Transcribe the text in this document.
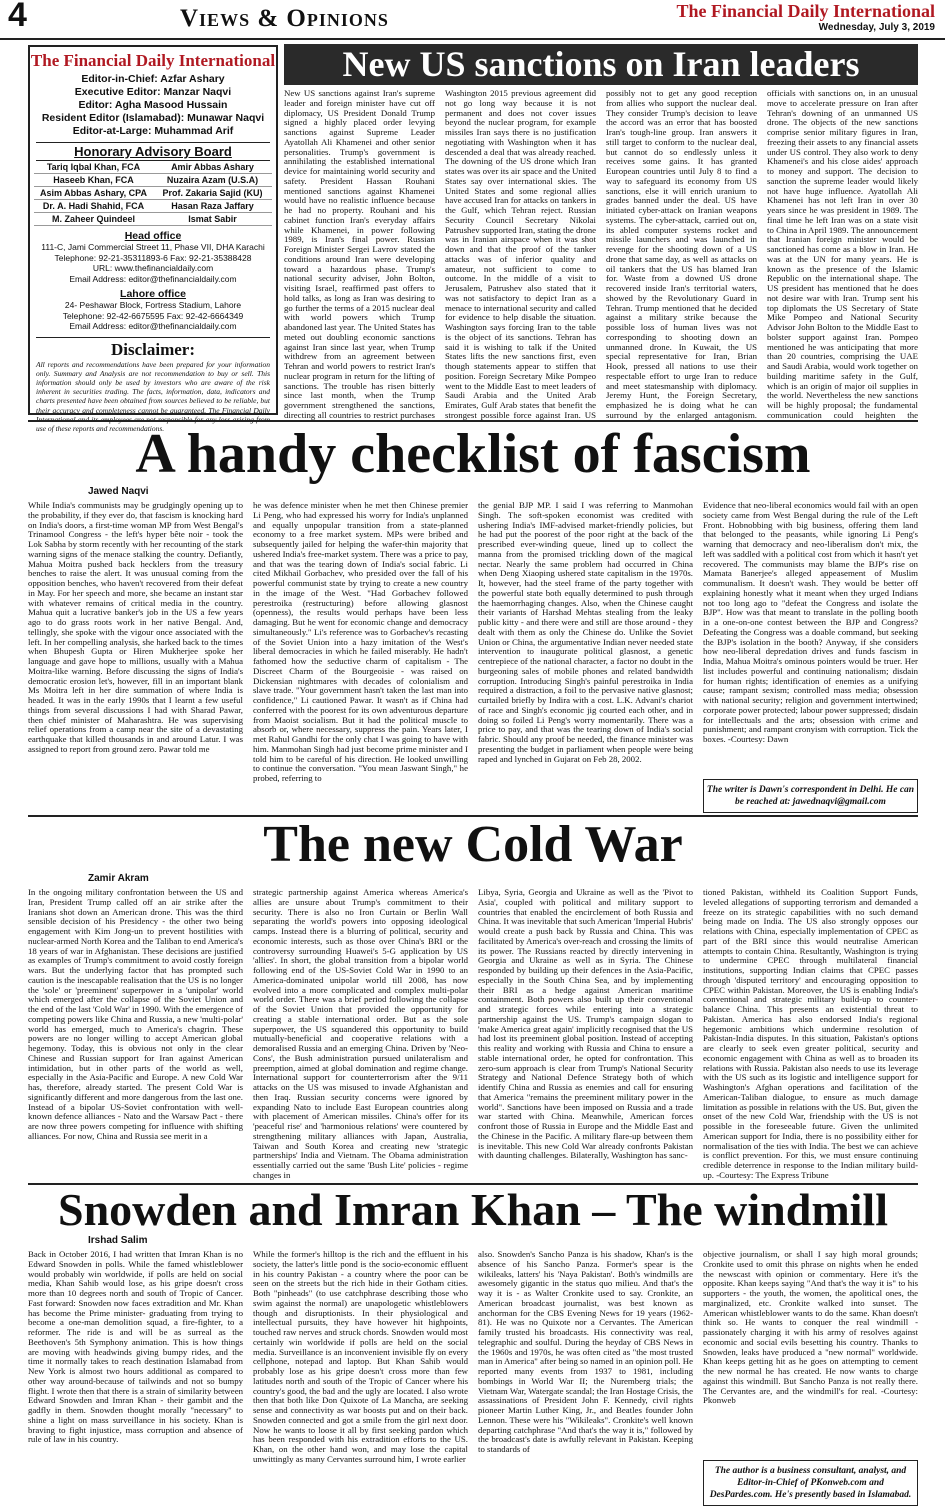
4	Views & Opinions	The Financial Daily International
Wednesday, July 3, 2019
The Financial Daily International
Editor-in-Chief: Azfar Ashary
Executive Editor: Manzar Naqvi
Editor: Agha Masood Hussain
Resident Editor (Islamabad): Munawar Naqvi
Editor-at-Large: Muhammad Arif
Honorary Advisory Board
Tariq Iqbal Khan, FCA	Amir Abbas Ashary
Haseeb Khan, FCA	Nuzaira Azam (U.S.A)
Asim Abbas Ashary, CPA	Prof. Zakaria Sajid (KU)
Dr. A. Hadi Shahid, FCA	Hasan Raza Jaffary
M. Zaheer Quindeel	Ismat Sabir
Head office
111-C, Jami Commercial Street 11, Phase VII, DHA Karachi
Telephone: 92-21-35311893-6 Fax: 92-21-35388428
URL: www.thefinancialdaily.com
Email Address: editor@thefinancialdaily.com
Lahore office
24- Peshawar Block, Fortress Stadium, Lahore
Telephone: 92-42-6675595 Fax: 92-42-6664349
Email Address: editor@thefinancialdaily.com
Disclaimer:
All reports and recommendations have been prepared for your information only. Summary and Analysis are not recommendation to buy or sell. This information should only be used by investors who are aware of the risk inherent in securities trading. The facts, information, data, indicators and charts presented have been obtained from sources believed to be reliable, but their accuracy and completeness cannot be guaranteed. The Financial Daily International and its employees are not responsible for any loss arising from use of these reports and recommendations.
New US sanctions on Iran leaders
New US sanctions against Iran's supreme leader and foreign minister have cut off diplomacy, US President Donald Trump signed a highly placed order levying sanctions against Supreme Leader Ayatollah Ali Khamenei and other senior personalities. Trump's government is annihilating the established international device for maintaining world security and safety. President Hassan Rouhani mentioned sanctions against Khamenei would have no realistic influence because he had no property. Rouhani and his cabinet function Iran's everyday affairs while Khamenei, in power following 1989, is Iran's final power. Russian Foreign Minister Sergei Lavrov stated the conditions around Iran were developing toward a hazardous phase. Trump's national security adviser, John Bolton, visiting Israel, reaffirmed past offers to hold talks, as long as Iran was desiring to go further the terms of a 2015 nuclear deal with world powers which Trump abandoned last year. The United States has meted out doubling economic sanctions against Iran since last year, when Trump withdrew from an agreement between Tehran and world powers to restrict Iran's nuclear program in return for the lifting of sanctions. The trouble has risen bitterly since last month, when the Trump government strengthened the sanctions, directing all countries to restrict purchases
Washington 2015 previous agreement did not go long way because it is not permanent and does not cover issues beyond the nuclear program, for example missiles Iran says there is no justification negotiating with Washington when it has descended a deal that was already reached. The downing of the US drone which Iran states was over its air space and the United States say over international skies. The United States and some regional allies have accused Iran for attacks on tankers in the Gulf, which Tehran reject. Russian Security Council Secretary Nikolai Patrushev supported Iran, stating the drone was in Iranian airspace when it was shot down and that the proof of the tanker attacks was of inferior quality and amateur, not sufficient to come to outcome. In the middle of a visit to Jerusalem, Patrushev also stated that it was not satisfactory to depict Iran as a menace to international security and called for evidence to help disable the situation. Washington says forcing Iran to the table is the object of its sanctions. Tehran has said it is wishing to talk if the United States lifts the new sanctions first, even though statements appear to stiffen that position. Foreign Secretary Mike Pompeo went to the Middle East to meet leaders of Saudi Arabia and the United Arab Emirates, Gulf Arab states that benefit the strongest possible force against Iran. US
possibly not to get any good reception from allies who support the nuclear deal. They consider Trump's decision to leave the accord was an error that has boosted Iran's tough-line group. Iran answers it still target to conform to the nuclear deal, but cannot do so endlessly unless it receives some gains. It has granted European countries until July 8 to find a way to safeguard its economy from US sanctions, else it will enrich uranium to grades banned under the deal. US have initiated cyber-attack on Iranian weapons systems. The cyber-attack, carried out on, its abled computer systems rocket and missile launchers and was launched in revenge for the shooting down of a US drone that same day, as well as attacks on oil tankers that the US has blamed Iran for. Waste from a downed US drone recovered inside Iran's territorial waters, showed by the Revolutionary Guard in Tehran. Trump mentioned that he decided against a military strike because the possible loss of human lives was not corresponding to shooting down an unmanned drone. In Kuwait, the US special representative for Iran, Brian Hook, pressed all nations to use their respectable effort to urge Iran to reduce and meet statesmanship with diplomacy. Jeremy Hunt, the Foreign Secretary, emphasized he is doing what he can surround by the enlarged antagonism.
officials with sanctions on, in an unusual move to accelerate pressure on Iran after Tehran's downing of an unmanned US drone. The objects of the new sanctions comprise senior military figures in Iran, freezing their assets to any financial assets under US control. They also work to deny Khamenei's and his close aides' approach to money and support. The decision to sanction the supreme leader would likely not have huge influence. Ayatollah Ali Khamenei has not left Iran in over 30 years since he was president in 1989. The final time he left Iran was on a state visit to China in April 1989. The announcement that Iranian foreign minister would be sanctioned has come as a blow in Iran. He was at the UN for many years. He is known as the presence of the Islamic Republic on the international shape. The US president has mentioned that he does not desire war with Iran. Trump sent his top diplomats the US Secretary of State Mike Pompeo and National Security Advisor John Bolton to the Middle East to bolster support against Iran. Pompeo mentioned he was anticipating that more than 20 countries, comprising the UAE and Saudi Arabia, would work together on building maritime safety in the Gulf, which is an origin of major oil supplies in the world. Nevertheless the new sanctions will be highly proposal; the fundamental communication could heighten the
A handy checklist of fascism
Jawed Naqvi
While India's communists may be grudgingly opening up to the probability, if they ever do, that fascism is knocking hard on India's doors, a first-time woman MP from West Bengal's Trinamool Congress - the left's hyper bête noir - took the Lok Sabha by storm recently with her recounting of the stark warning signs of the menace stalking the country. Defiantly, Mahua Moitra pushed back hecklers from the treasury benches to raise the alert. It was unusual coming from the opposition benches, who haven't recovered from their defeat in May. For her speech and more, she became an instant star with whatever remains of critical media in the country. Mahua quit a lucrative banker's job in the US a few years ago to do grass roots work in her native Bengal. And, tellingly, she spoke with the vigour once associated with the left. In her compelling analysis, she harked back to the times when Bhupesh Gupta or Hiren Mukherjee spoke her language and gave hope to millions, usually with a Mahua Moitra-like warning. Before discussing the signs of India's democratic erosion let's, however, fill in an important blank Ms Moitra left in her dire summation of where India is headed. It was in the early 1990s that I learnt a few useful things from several discussions I had with Sharad Pawar, then chief minister of Maharashtra. He was supervising relief operations from a camp near the site of a devastating earthquake that killed thousands in and around Latur. I was assigned to report from ground zero. Pawar told me
he was defence minister when he met then Chinese premier Li Peng, who had expressed his worry for India's unplanned and equally unpopular transition from a state-planned economy to a free market system. MPs were bribed and subsequently jailed for helping the wafer-thin majority that ushered India's free-market system. There was a price to pay, and that was the tearing down of India's social fabric. Li cited Mikhail Gorbachev, who presided over the fall of his powerful communist state by trying to create a new country in the image of the West. "Had Gorbachev followed perestroika (restructuring) before allowing glasnost (openness), the results would perhaps have been less damaging. But he went for economic change and democracy simultaneously." Li's reference was to Gorbachev's recasting of the Soviet Union into a hazy imitation of the West's liberal democracies in which he failed miserably. He hadn't fathomed how the seductive charm of capitalism - The Discreet Charm of the Bourgeoisie - was raised on Dickensian nightmares with decades of colonialism and slave trade. "Your government hasn't taken the last man into confidence," Li cautioned Pawar. It wasn't as if China had conferred with the poorest for its own adventurous departure from Maoist socialism. But it had the political muscle to absorb or, where necessary, suppress the pain. Years later, I met Rahul Gandhi for the only chat I was going to have with him. Manmohan Singh had just become prime minister and I told him to be careful of his direction. He looked unwilling to continue the conversation. "You mean Jaswant Singh," he probed, referring to
the genial BJP MP. I said I was referring to Manmohan Singh. The soft-spoken economist was credited with ushering India's IMF-advised market-friendly policies, but he had put the poorest of the poor right at the back of the prescribed ever-winding queue, lined up to collect the manna from the promised trickling down of the magical nectar. Nearly the same problem had occurred in China when Deng Xiaoping ushered state capitalism in the 1970s. It, however, had the steel frame of the party together with the powerful state both equally determined to push through the haemorrhaging changes. Also, when the Chinese caught their variants of Harshad Mehtas stealing from the leaky public kitty - and there were and still are those around - they dealt with them as only the Chinese do. Unlike the Soviet Union or China, the argumentative Indian never needed state intervention to inaugurate political glasnost, a genetic centrepiece of the national character, a factor no doubt in the burgeoning sales of mobile phones and related bandwidth corruption. Introducing Singh's painful perestroika in India required a distraction, a foil to the pervasive native glasnost; curtailed briefly by Indira with a cost. L.K. Advani's chariot of race and Singh's economic jig courted each other, and in doing so foiled Li Peng's worry momentarily. There was a price to pay, and that was the tearing down of India's social fabric. Should any proof be needed, the finance minister was presenting the budget in parliament when people were being raped and lynched in Gujarat on Feb 28, 2002.
Evidence that neo-liberal economics would fail with an open society came from West Bengal during the rule of the Left Front. Hobnobbing with big business, offering them land that belonged to the peasants, while ignoring Li Peng's warning that democracy and neo-liberalism don't mix, the left was saddled with a political cost from which it hasn't yet recovered. The communists may blame the BJP's rise on Mamata Banerjee's alleged appeasement of Muslim communalism. It doesn't wash. They would be better off explaining honestly what it meant when they urged Indians not too long ago to "defeat the Congress and isolate the BJP". How was that meant to translate in the polling booth in a one-on-one contest between the BJP and Congress? Defeating the Congress was a doable command, but seeking the BJP's isolation in the booth? Anyway, if she considers how neo-liberal depredation drives and funds fascism in India, Mahua Moitra's ominous pointers would be truer. Her list includes powerful and continuing nationalism; disdain for human rights; identification of enemies as a unifying cause; rampant sexism; controlled mass media; obsession with national security; religion and government intertwined; corporate power protected; labour power suppressed; disdain for intellectuals and the arts; obsession with crime and punishment; and rampant cronyism with corruption. Tick the boxes. -Courtesy: Dawn
The writer is Dawn's correspondent in Delhi. He can be reached at: jawednaqvi@gmail.com
The new Cold War
Zamir Akram
In the ongoing military confrontation between the US and Iran, President Trump called off an air strike after the Iranians shot down an American drone. This was the third sensible decision of his Presidency - the other two being engagement with Kim Jong-un to prevent hostilities with nuclear-armed North Korea and the Taliban to end America's 18 years of war in Afghanistan. These decisions are justified as examples of Trump's commitment to avoid costly foreign wars. But the underlying factor that has prompted such caution is the inescapable realisation that the US is no longer the 'sole' or 'preeminent' superpower in a 'unipolar' world which emerged after the collapse of the Soviet Union and the end of the last 'Cold War' in 1990. With the emergence of competing powers like China and Russia, a new 'multi-polar' world has emerged, much to America's chagrin. These powers are no longer willing to accept American global hegemony. Today, this is obvious not only in the clear Chinese and Russian support for Iran against American intimidation, but in other parts of the world as well, especially in the Asia-Pacific and Europe. A new Cold War has, therefore, already started. The present Cold War is significantly different and more dangerous from the last one. Instead of a bipolar US-Soviet confrontation with well-known defence alliances - Nato and the Warsaw Pact - there are now three powers competing for influence with shifting alliances. For now, China and Russia see merit in a
strategic partnership against America whereas America's allies are unsure about Trump's commitment to their security. There is also no Iron Curtain or Berlin Wall separating the world's powers into opposing ideological camps. Instead there is a blurring of political, security and economic interests, such as those over China's BRI or the controversy surrounding Huawei's 5-G application by US 'allies'. In short, the global transition from a bipolar world following end of the US-Soviet Cold War in 1990 to an America-dominated unipolar world till 2008, has now evolved into a more complicated and complex multi-polar world order. There was a brief period following the collapse of the Soviet Union that provided the opportunity for creating a stable international order. But as the sole superpower, the US squandered this opportunity to build mutually-beneficial and cooperative relations with a demoralised Russia and an emerging China. Driven by 'Neo-Cons', the Bush administration pursued unilateralism and preemption, aimed at global domination and regime change. International support for counterterrorism after the 9/11 attacks on the US was misused to invade Afghanistan and then Iraq. Russian security concerns were ignored by expanding Nato to include East European countries along with placement of American missiles. China's offer for its 'peaceful rise' and 'harmonious relations' were countered by strengthening military alliances with Japan, Australia, Taiwan and South Korea and creating new 'strategic partnerships' India and Vietnam. The Obama administration essentially carried out the same 'Bush Lite' policies - regime changes in
Libya, Syria, Georgia and Ukraine as well as the 'Pivot to Asia', coupled with political and military support to countries that enabled the encirclement of both Russia and China. It was inevitable that such American 'Imperial Hubris' would create a push back by Russia and China. This was facilitated by America's over-reach and crossing the limits of its power. The Russians reacted by directly intervening in Georgia and Ukraine as well as in Syria. The Chinese responded by building up their defences in the Asia-Pacific, especially in the South China Sea, and by implementing their BRI as a hedge against American maritime containment. Both powers also built up their conventional and strategic forces while entering into a strategic partnership against the US. Trump's campaign slogan to 'make America great again' implicitly recognised that the US had lost its preeminent global position. Instead of accepting this reality and working with Russia and China to ensure a stable international order, he opted for confrontation. This zero-sum approach is clear from Trump's National Security Strategy and National Defence Strategy both of which identify China and Russia as enemies and call for ensuring that America "remains the preeminent military power in the world". Sanctions have been imposed on Russia and a trade war started with China. Meanwhile, American forces confront those of Russia in Europe and the Middle East and the Chinese in the Pacific. A military flare-up between them is inevitable. This new Cold War already confronts Pakistan with daunting challenges. Bilaterally, Washington has sanc-
tioned Pakistan, withheld its Coalition Support Funds, leveled allegations of supporting terrorism and demanded a freeze on its strategic capabilities with no such demand being made on India. The US also strongly opposes our relations with China, especially implementation of CPEC as part of the BRI since this would neutralise American attempts to contain China. Resultantly, Washington is trying to undermine CPEC through multilateral financial institutions, supporting Indian claims that CPEC passes through 'disputed territory' and encouraging opposition to CPEC within Pakistan. Moreover, the US is enabling India's conventional and strategic military build-up to counter-balance China. This presents an existential threat to Pakistan. America has also endorsed India's regional hegemonic ambitions which undermine resolution of Pakistan-India disputes. In this situation, Pakistan's options are clearly to seek even greater political, security and economic engagement with China as well as to broaden its relations with Russia. Pakistan also needs to use its leverage with the US such as its logistic and intelligence support for Washington's Afghan operations and facilitation of the American-Taliban dialogue, to ensure as much damage limitation as possible in relations with the US. But, given the onset of the new Cold War, friendship with the US is not possible in the foreseeable future. Given the unlimited American support for India, there is no possibility either for normalisation of the ties with India. The best we can achieve is conflict prevention. For this, we must ensure continuing credible deterrence in response to the Indian military build-up. -Courtesy: The Express Tribune
Snowden and Imran Khan – The windmill
Irshad Salim
Back in October 2016, I had written that Imran Khan is no Edward Snowden in polls. While the famed whistleblower would probably win worldwide, if polls are held on social media, Khan Sahib would lose, as his gripe doesn't cross more than 10 degrees north and south of Tropic of Cancer. Fast forward: Snowden now faces extradition and Mr. Khan has become the Prime minister- graduating from trying to become a one-man demolition squad, a fire-fighter, to a reformer. The ride is and will be as surreal as the Beethoven's 5th Symphony animation. This is how things are moving with headwinds giving bumpy rides, and the time it normally takes to reach destination Islamabad from New York is almost two hours additional as compared to other way around-because of tailwinds and not so bumpy flight. I wrote then that there is a strain of similarity between Edward Snowden and Imran Khan - their gambit and the gadfly in them. Snowden thought morally "necessary" to shine a light on mass surveillance in his society. Khan is braving to fight injustice, mass corruption and absence of rule of law in his country.
While the former's hilltop is the rich and the effluent in his society, the latter's little pond is the socio-economic effluent in his country Pakistan - a country where the poor can be seen on the streets but the rich hide in their Gotham cities. Both "pinheads" (to use catchphrase describing those who swim against the normal) are unapologetic whistleblowers though and disruptionists. In their physiological and intellectual pursuits, they have however hit highpoints, touched raw nerves and struck chords. Snowden would most certainly win worldwide if polls are held on the social media. Surveillance is an inconvenient invisible fly on every cellphone, notepad and laptop. But Khan Sahib would probably lose as his gripe doesn't cross more than few latitudes north and south of the Tropic of Cancer where his country's good, the bad and the ugly are located. I also wrote then that both like Don Quixote of La Mancha, are seeking sense and connectivity as war boosts put and on their back. Snowden connected and got a smile from the girl next door. Now he wants to loose it all by first seeking pardon which has been responded with his extradition efforts to the US. Khan, on the other hand won, and may lose the capital unwittingly as many Cervantes surround him, I wrote earlier
also. Snowden's Sancho Panza is his shadow, Khan's is the absence of his Sancho Panza. Former's spear is the wikileaks, latters' his 'Naya Pakistan'. Both's windmills are awesomely gigantic in the status quo milieu. And that's the way it is - as Walter Cronkite used to say. Cronkite, an American broadcast journalist, was best known as anchorman for the CBS Evening News for 19 years (1962-81). He was no Quixote nor a Cervantes. The American family trusted his broadcasts. His connectivity was real, telegraphic and soulful. During the heyday of CBS News in the 1960s and 1970s, he was often cited as "the most trusted man in America" after being so named in an opinion poll. He reported many events from 1937 to 1981, including bombings in World War II; the Nuremberg trials; the Vietnam War, Watergate scandal; the Iran Hostage Crisis, the assassinations of President John F. Kennedy, civil rights pioneer Martin Luther King, Jr., and Beatles founder John Lennon. These were his "Wikileaks". Cronkite's well known departing catchphrase "And that's the way it is," followed by the broadcast's date is awfully relevant in Pakistan. Keeping to standards of
objective journalism, or shall I say high moral grounds; Cronkite used to omit this phrase on nights when he ended the newscast with opinion or commentary. Here it's the opposite. Khan keeps saying "And that's the way it is" to his supporters - the youth, the women, the apolitical ones, the marginalized, etc. Cronkite walked into sunset. The American whistleblower wants to do the same. Khan doesn't think so. He wants to conquer the real windmill - passionately charging it with his army of resolves against economic and social evils besetting his country. Thanks to Snowden, leaks have produced a "new normal" worldwide. Khan keeps getting hit as he goes on attempting to cement the new normal he has created. He now wants to charge against this windmill. But Sancho Panza is not really there. The Cervantes are, and the windmill's for real. -Courtesy: Pkonweb
The author is a business consultant, analyst, and Editor-in-Chief of PKonweb.com and DesPardes.com. He's presently based in Islamabad.
